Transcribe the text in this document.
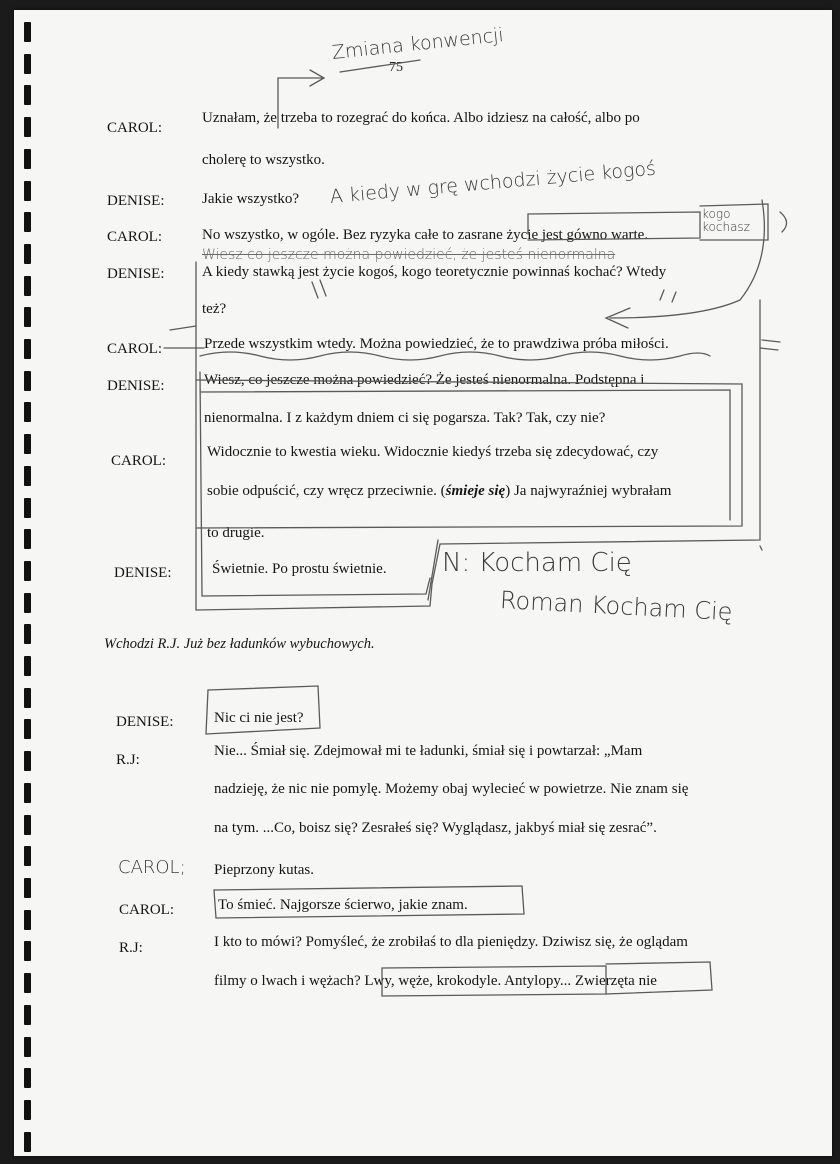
75
CAROL:
Uznałam, że trzeba to rozegrać do końca. Albo idziesz na całość, albo po
cholerę to wszystko.
DENISE:	Jakie wszystko?
CAROL:	No wszystko, w ogóle. Bez ryzyka całe to zasrane życie jest gówno warte.
DENISE:	A kiedy stawką jest życie kogoś, kogo teoretycznie powinnaś kochać? Wtedy
też?
CAROL:	Przede wszystkim wtedy. Można powiedzieć, że to prawdziwa próba miłości.
DENISE:	Wiesz, co jeszcze można powiedzieć? Że jesteś nienormalna. Podstępna i
nienormalna. I z każdym dniem ci się pogarsza. Tak? Tak, czy nie?
CAROL:
Widocznie to kwestia wieku. Widocznie kiedyś trzeba się zdecydować, czy
sobie odpuścić, czy wręcz przeciwnie. (śmieje się) Ja najwyraźniej wybrałam
to drugie.
DENISE:	Świetnie. Po prostu świetnie.
Wchodzi R.J. Już bez ładunków wybuchowych.
DENISE:	Nic ci nie jest?
R.J:
Nie... Śmiał się. Zdejmował mi te ładunki, śmiał się i powtarzał: „Mam
nadzieję, że nic nie pomylę. Możemy obaj wylecieć w powietrze. Nie znam się
na tym. ...Co, boisz się? Zesrałeś się? Wyglądasz, jakbyś miał się zesrać”.
Pieprzony kutas.
CAROL:	To śmieć. Najgorsze ścierwo, jakie znam.
R.J:	I kto to mówi? Pomyśleć, że zrobiłaś to dla pieniędzy. Dziwisz się, że oglądam
filmy o lwach i wężach? Lwy, węże, krokodyle. Antylopy... Zwierzęta nie
Zmiana konwencji
A kiedy w grę wchodzi życie kogoś
kogo kochasz
Wiesz co jeszcze można powiedzieć, że jesteś nienormalna
N: Kocham Cię
Roman Kocham Cię
CAROL;
